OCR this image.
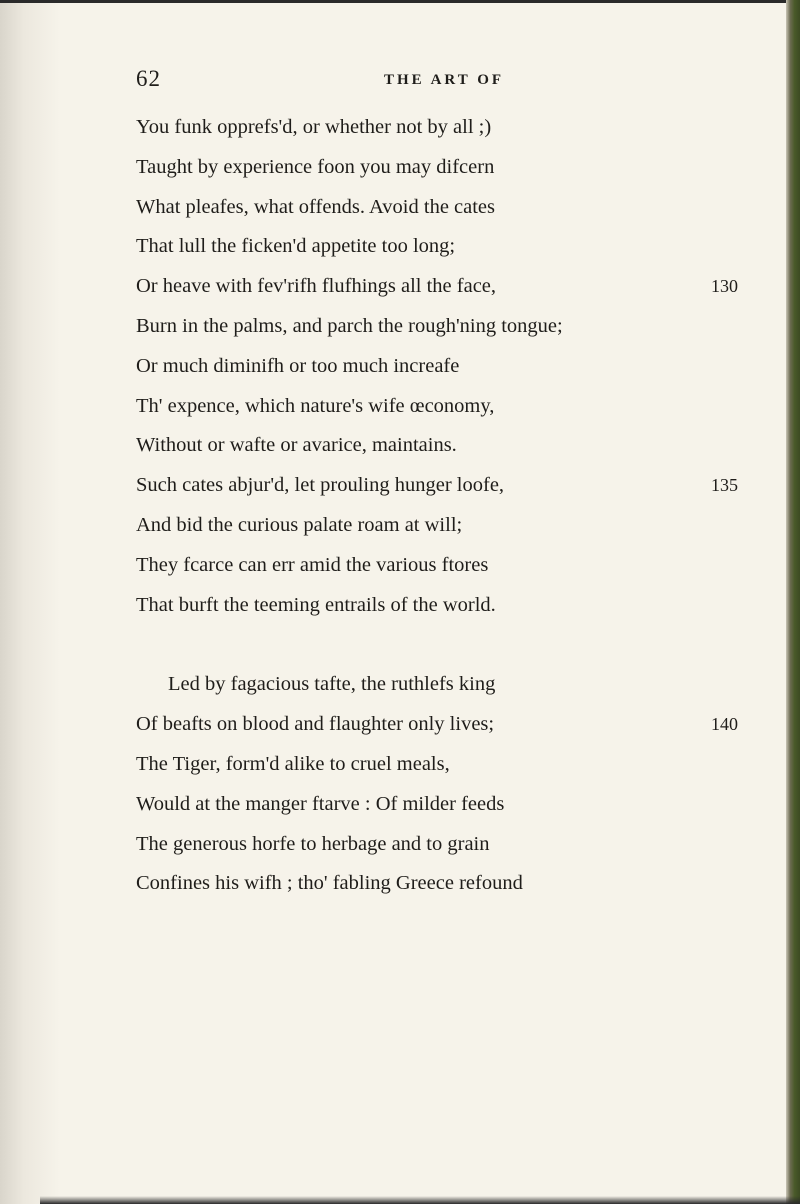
62	THE ART OF
You funk opprefs'd, or whether not by all ;)
Taught by experience foon you may difcern
What pleafes, what offends. Avoid the cates
That lull the ficken'd appetite too long;
Or heave with fev'rifh flufhings all the face,	130
Burn in the palms, and parch the rough'ning tongue;
Or much diminifh or too much increafe
Th' expence, which nature's wife œconomy,
Without or wafte or avarice, maintains.
Such cates abjur'd, let prouling hunger loofe,	135
And bid the curious palate roam at will;
They fcarce can err amid the various ftores
That burft the teeming entrails of the world.
Led by fagacious tafte, the ruthlefs king
Of beafts on blood and flaughter only lives;	140
The Tiger, form'd alike to cruel meals,
Would at the manger ftarve : Of milder feeds
The generous horfe to herbage and to grain
Confines his wifh ; tho' fabling Greece refound
